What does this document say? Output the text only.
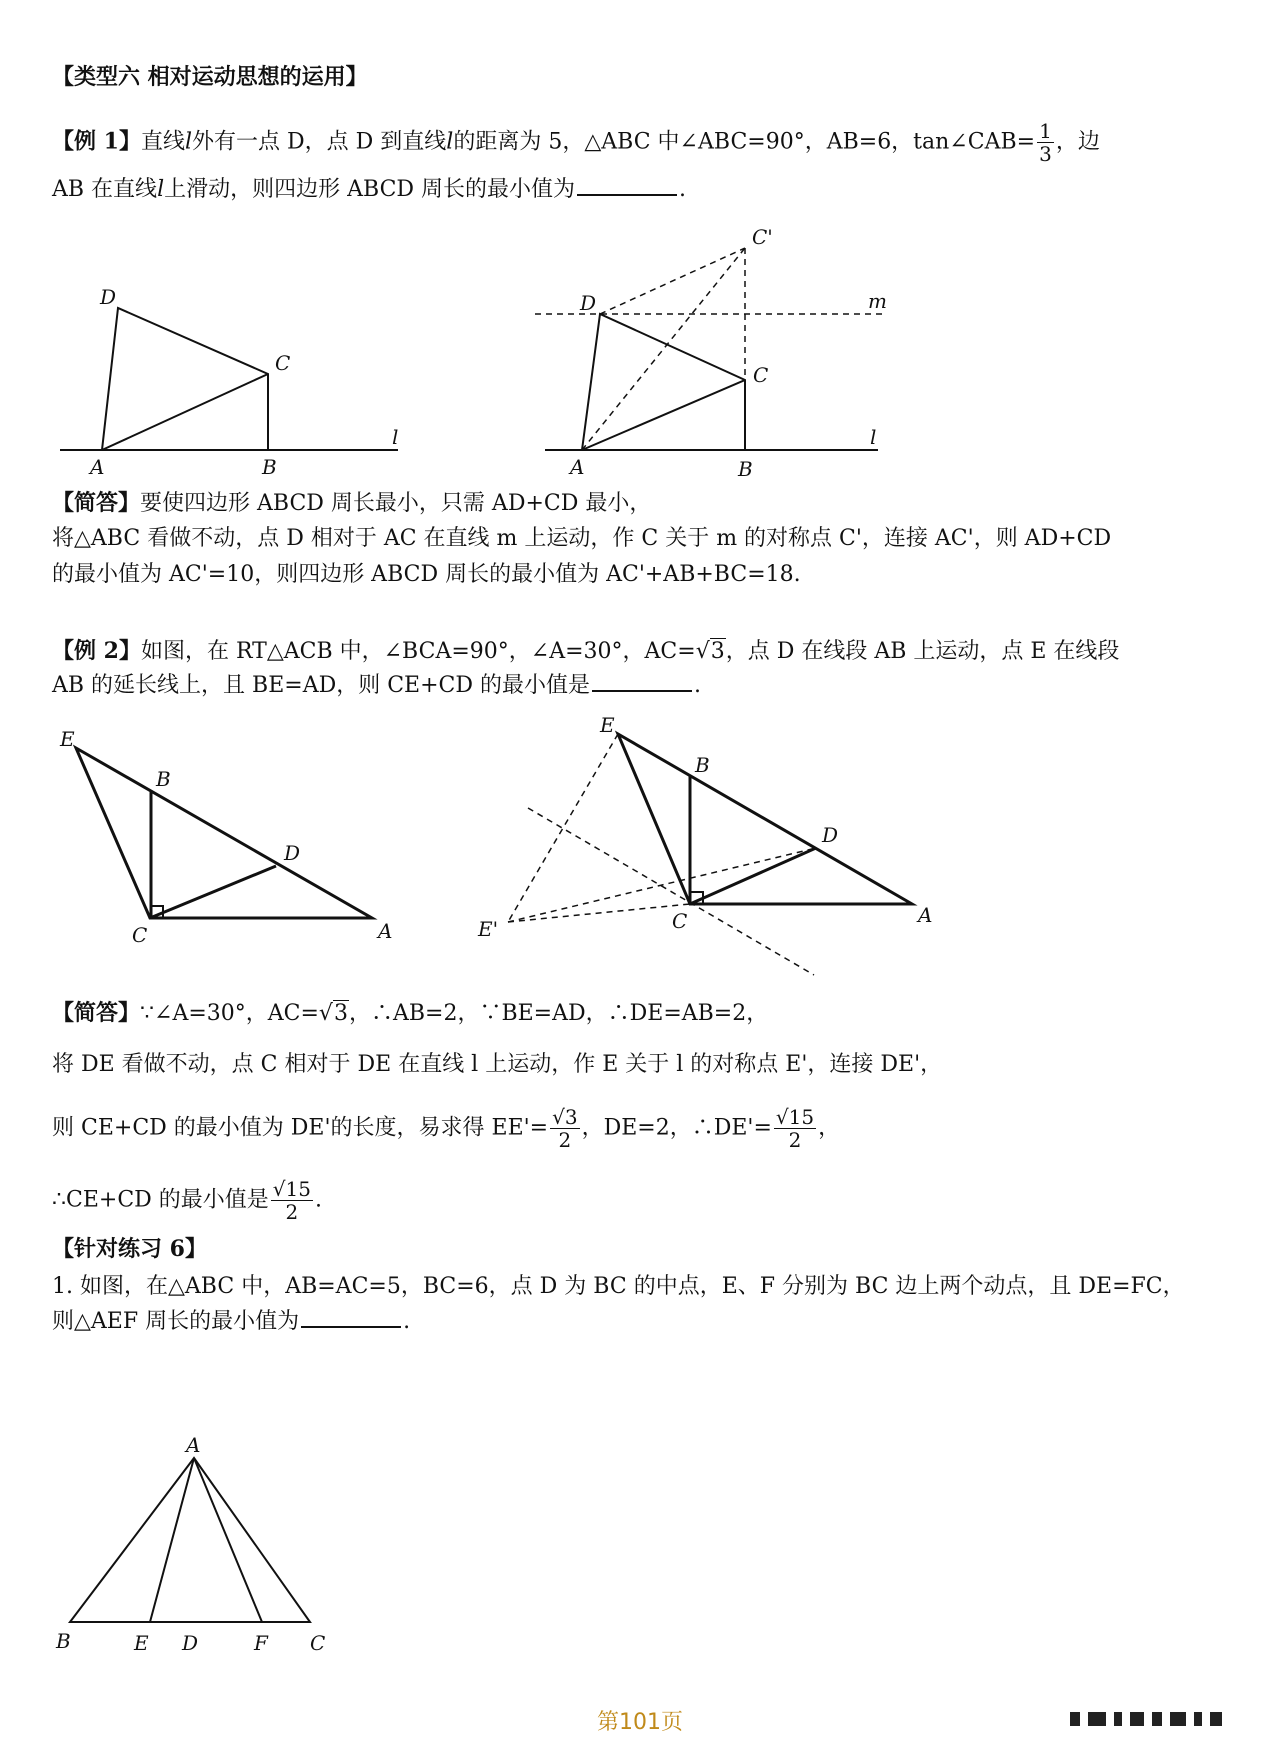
【类型六 相对运动思想的运用】
【例 1】直线l外有一点 D，点 D 到直线l的距离为 5，△ABC 中∠ABC=90°，AB=6，tan∠CAB= $\frac{1}{3}$ ，边
AB 在直线l上滑动，则四边形 ABCD 周长的最小值为	.
D
C
A	B
l
C'
D	m
C
A	B
l
【简答】要使四边形 ABCD 周长最小，只需 AD+CD 最小，
将△ABC 看做不动，点 D 相对于 AC 在直线 m 上运动，作 C 关于 m 的对称点 C'，连接 AC'，则 AD+CD
的最小值为 AC'=10，则四边形 ABCD 周长的最小值为 AC'+AB+BC=18.
【例 2】如图，在 RT△ACB 中，∠BCA=90°，∠A=30°，AC=√3，点 D 在线段 AB 上运动，点 E 在线段
AB 的延长线上，且 BE=AD，则 CE+CD 的最小值是	.
E
B
D
C	A
E
B
D
E'	C	A
【简答】∵∠A=30°，AC=√3，∴AB=2，∵BE=AD，∴DE=AB=2，
将 DE 看做不动，点 C 相对于 DE 在直线 l 上运动，作 E 关于 l 的对称点 E'，连接 DE'，
则 CE+CD 的最小值为 DE'的长度，易求得 $EE'= \frac{√3}{2}$ ，DE=2，∴DE'= $\frac{√15}{2}$ ，
∴CE+CD 的最小值是 $\frac{√15}{2}$ .
【针对练习 6】
1. 如图，在△ABC 中，AB=AC=5，BC=6，点 D 为 BC 的中点，E、F 分别为 BC 边上两个动点，且 DE=FC，
则△AEF 周长的最小值为	.
A
B	E D	F C
第101页
